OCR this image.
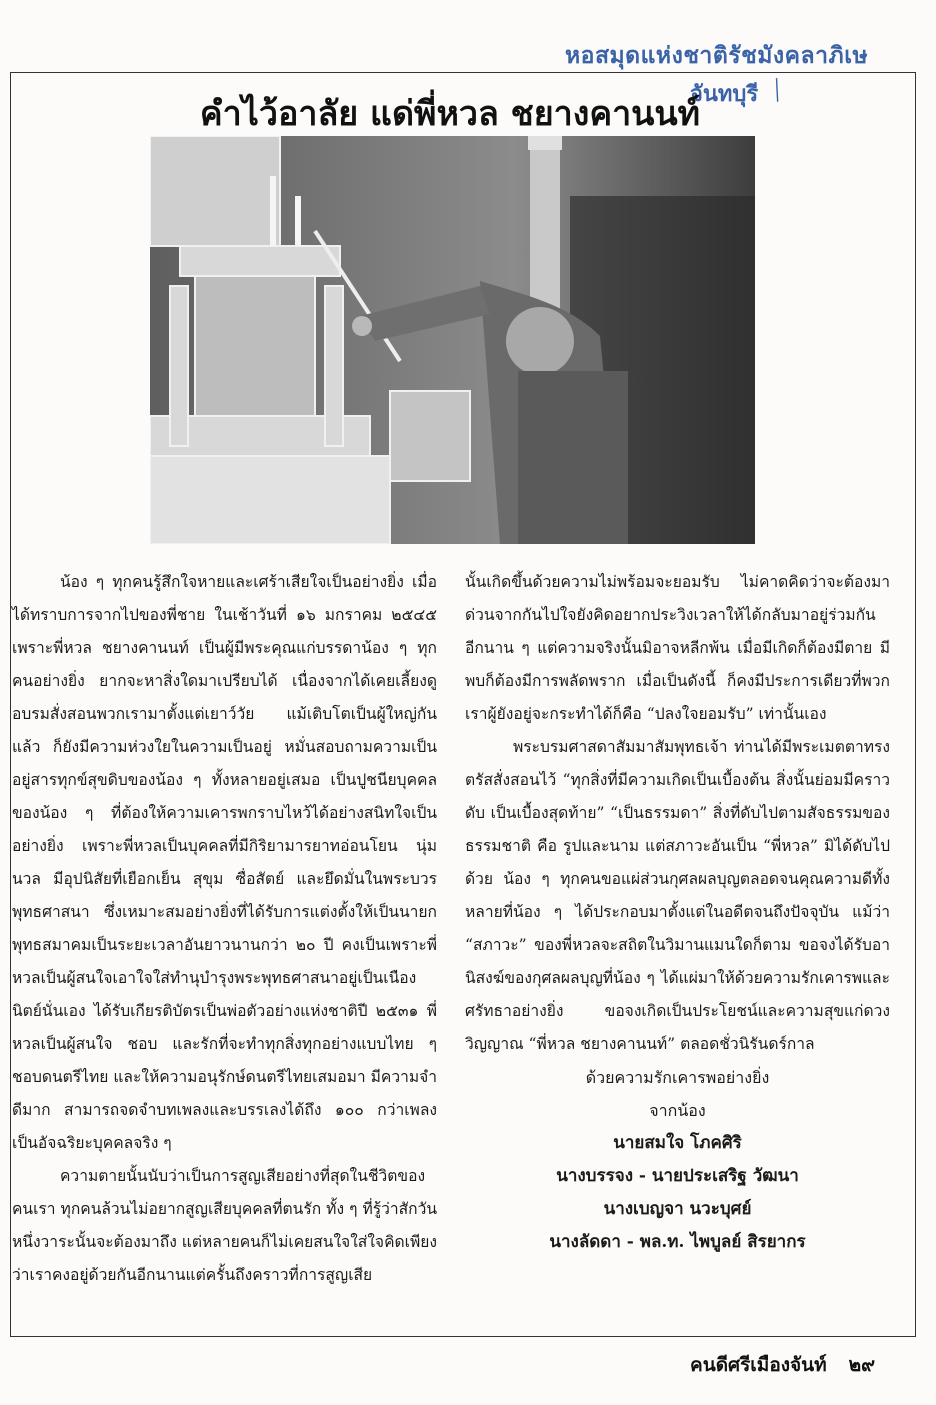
หอสมุดแห่งชาติรัชมังคลาภิเษ
จันทบุรี ╱
คำไว้อาลัย แด่พี่หวล ชยางคานนท์

น้อง ๆ ทุกคนรู้สึกใจหายและเศร้าเสียใจเป็นอย่างยิ่ง เมื่อได้ทราบการจากไปของพี่ชาย ในเช้าวันที่ ๑๖ มกราคม ๒๕๔๕ เพราะพี่หวล ชยางคานนท์ เป็นผู้มีพระคุณแก่บรรดาน้อง ๆ ทุกคนอย่างยิ่ง ยากจะหาสิ่งใดมาเปรียบได้ เนื่องจากได้เคยเลี้ยงดูอบรมสั่งสอนพวกเรามาตั้งแต่เยาว์วัย แม้เติบโตเป็นผู้ใหญ่กันแล้ว ก็ยังมีความห่วงใยในความเป็นอยู่ หมั่นสอบถามความเป็นอยู่สารทุกข์สุขดิบของน้อง ๆ ทั้งหลายอยู่เสมอ เป็นปูชนียบุคคลของน้อง ๆ ที่ต้องให้ความเคารพกราบไหว้ได้อย่างสนิทใจเป็นอย่างยิ่ง เพราะพี่หวลเป็นบุคคลที่มีกิริยามารยาทอ่อนโยน นุ่มนวล มีอุปนิสัยที่เยือกเย็น สุขุม ซื่อสัตย์ และยึดมั่นในพระบวรพุทธศาสนา ซึ่งเหมาะสมอย่างยิ่งที่ได้รับการแต่งตั้งให้เป็นนายกพุทธสมาคมเป็นระยะเวลาอันยาวนานกว่า ๒๐ ปี คงเป็นเพราะพี่หวลเป็นผู้สนใจเอาใจใส่ทำนุบำรุงพระพุทธศาสนาอยู่เป็นเนืองนิตย์นั่นเอง ได้รับเกียรติบัตรเป็นพ่อตัวอย่างแห่งชาติปี ๒๕๓๑ พี่หวลเป็นผู้สนใจ ชอบ และรักที่จะทำทุกสิ่งทุกอย่างแบบไทย ๆ ชอบดนตรีไทย และให้ความอนุรักษ์ดนตรีไทยเสมอมา มีความจำดีมาก สามารถจดจำบทเพลงและบรรเลงได้ถึง ๑๐๐ กว่าเพลง เป็นอัจฉริยะบุคคลจริง ๆ

ความตายนั้นนับว่าเป็นการสูญเสียอย่างที่สุดในชีวิตของคนเรา ทุกคนล้วนไม่อยากสูญเสียบุคคลที่ตนรัก ทั้ง ๆ ที่รู้ว่าสักวันหนึ่งวาระนั้นจะต้องมาถึง แต่หลายคนก็ไม่เคยสนใจใส่ใจคิดเพียงว่าเราคงอยู่ด้วยกันอีกนานแต่ครั้นถึงคราวที่การสูญเสีย

นั้นเกิดขึ้นด้วยความไม่พร้อมจะยอมรับ ไม่คาดคิดว่าจะต้องมาด่วนจากกันไปใจยังคิดอยากประวิงเวลาให้ได้กลับมาอยู่ร่วมกันอีกนาน ๆ แต่ความจริงนั้นมิอาจหลีกพ้น เมื่อมีเกิดก็ต้องมีตาย มีพบก็ต้องมีการพลัดพราก เมื่อเป็นดังนี้ ก็คงมีประการเดียวที่พวกเราผู้ยังอยู่จะกระทำได้ก็คือ “ปลงใจยอมรับ” เท่านั้นเอง

พระบรมศาสดาสัมมาสัมพุทธเจ้า ท่านได้มีพระเมตตาทรงตรัสสั่งสอนไว้ “ทุกสิ่งที่มีความเกิดเป็นเบื้องต้น สิ่งนั้นย่อมมีคราวดับ เป็นเบื้องสุดท้าย” “เป็นธรรมดา” สิ่งที่ดับไปตามสัจธรรมของธรรมชาติ คือ รูปและนาม แต่สภาวะอันเป็น “พี่หวล” มิได้ดับไปด้วย น้อง ๆ ทุกคนขอแผ่ส่วนกุศลผลบุญตลอดจนคุณความดีทั้งหลายที่น้อง ๆ ได้ประกอบมาตั้งแต่ในอดีตจนถึงปัจจุบัน แม้ว่า “สภาวะ” ของพี่หวลจะสถิตในวิมานแมนใดก็ตาม ขอจงได้รับอานิสงฆ์ของกุศลผลบุญที่น้อง ๆ ได้แผ่มาให้ด้วยความรักเคารพและศรัทธาอย่างยิ่ง ขอจงเกิดเป็นประโยชน์และความสุขแก่ดวงวิญญาณ “พี่หวล ชยางคานนท์” ตลอดชั่วนิรันดร์กาล

ด้วยความรักเคารพอย่างยิ่ง
จากน้อง
นายสมใจ โภคศิริ
นางบรรจง - นายประเสริฐ วัฒนา
นางเบญจา นวะบุศย์
นางลัดดา - พล.ท. ไพบูลย์ สิรยากร
คนดีศรีเมืองจันท์ ๒๙
